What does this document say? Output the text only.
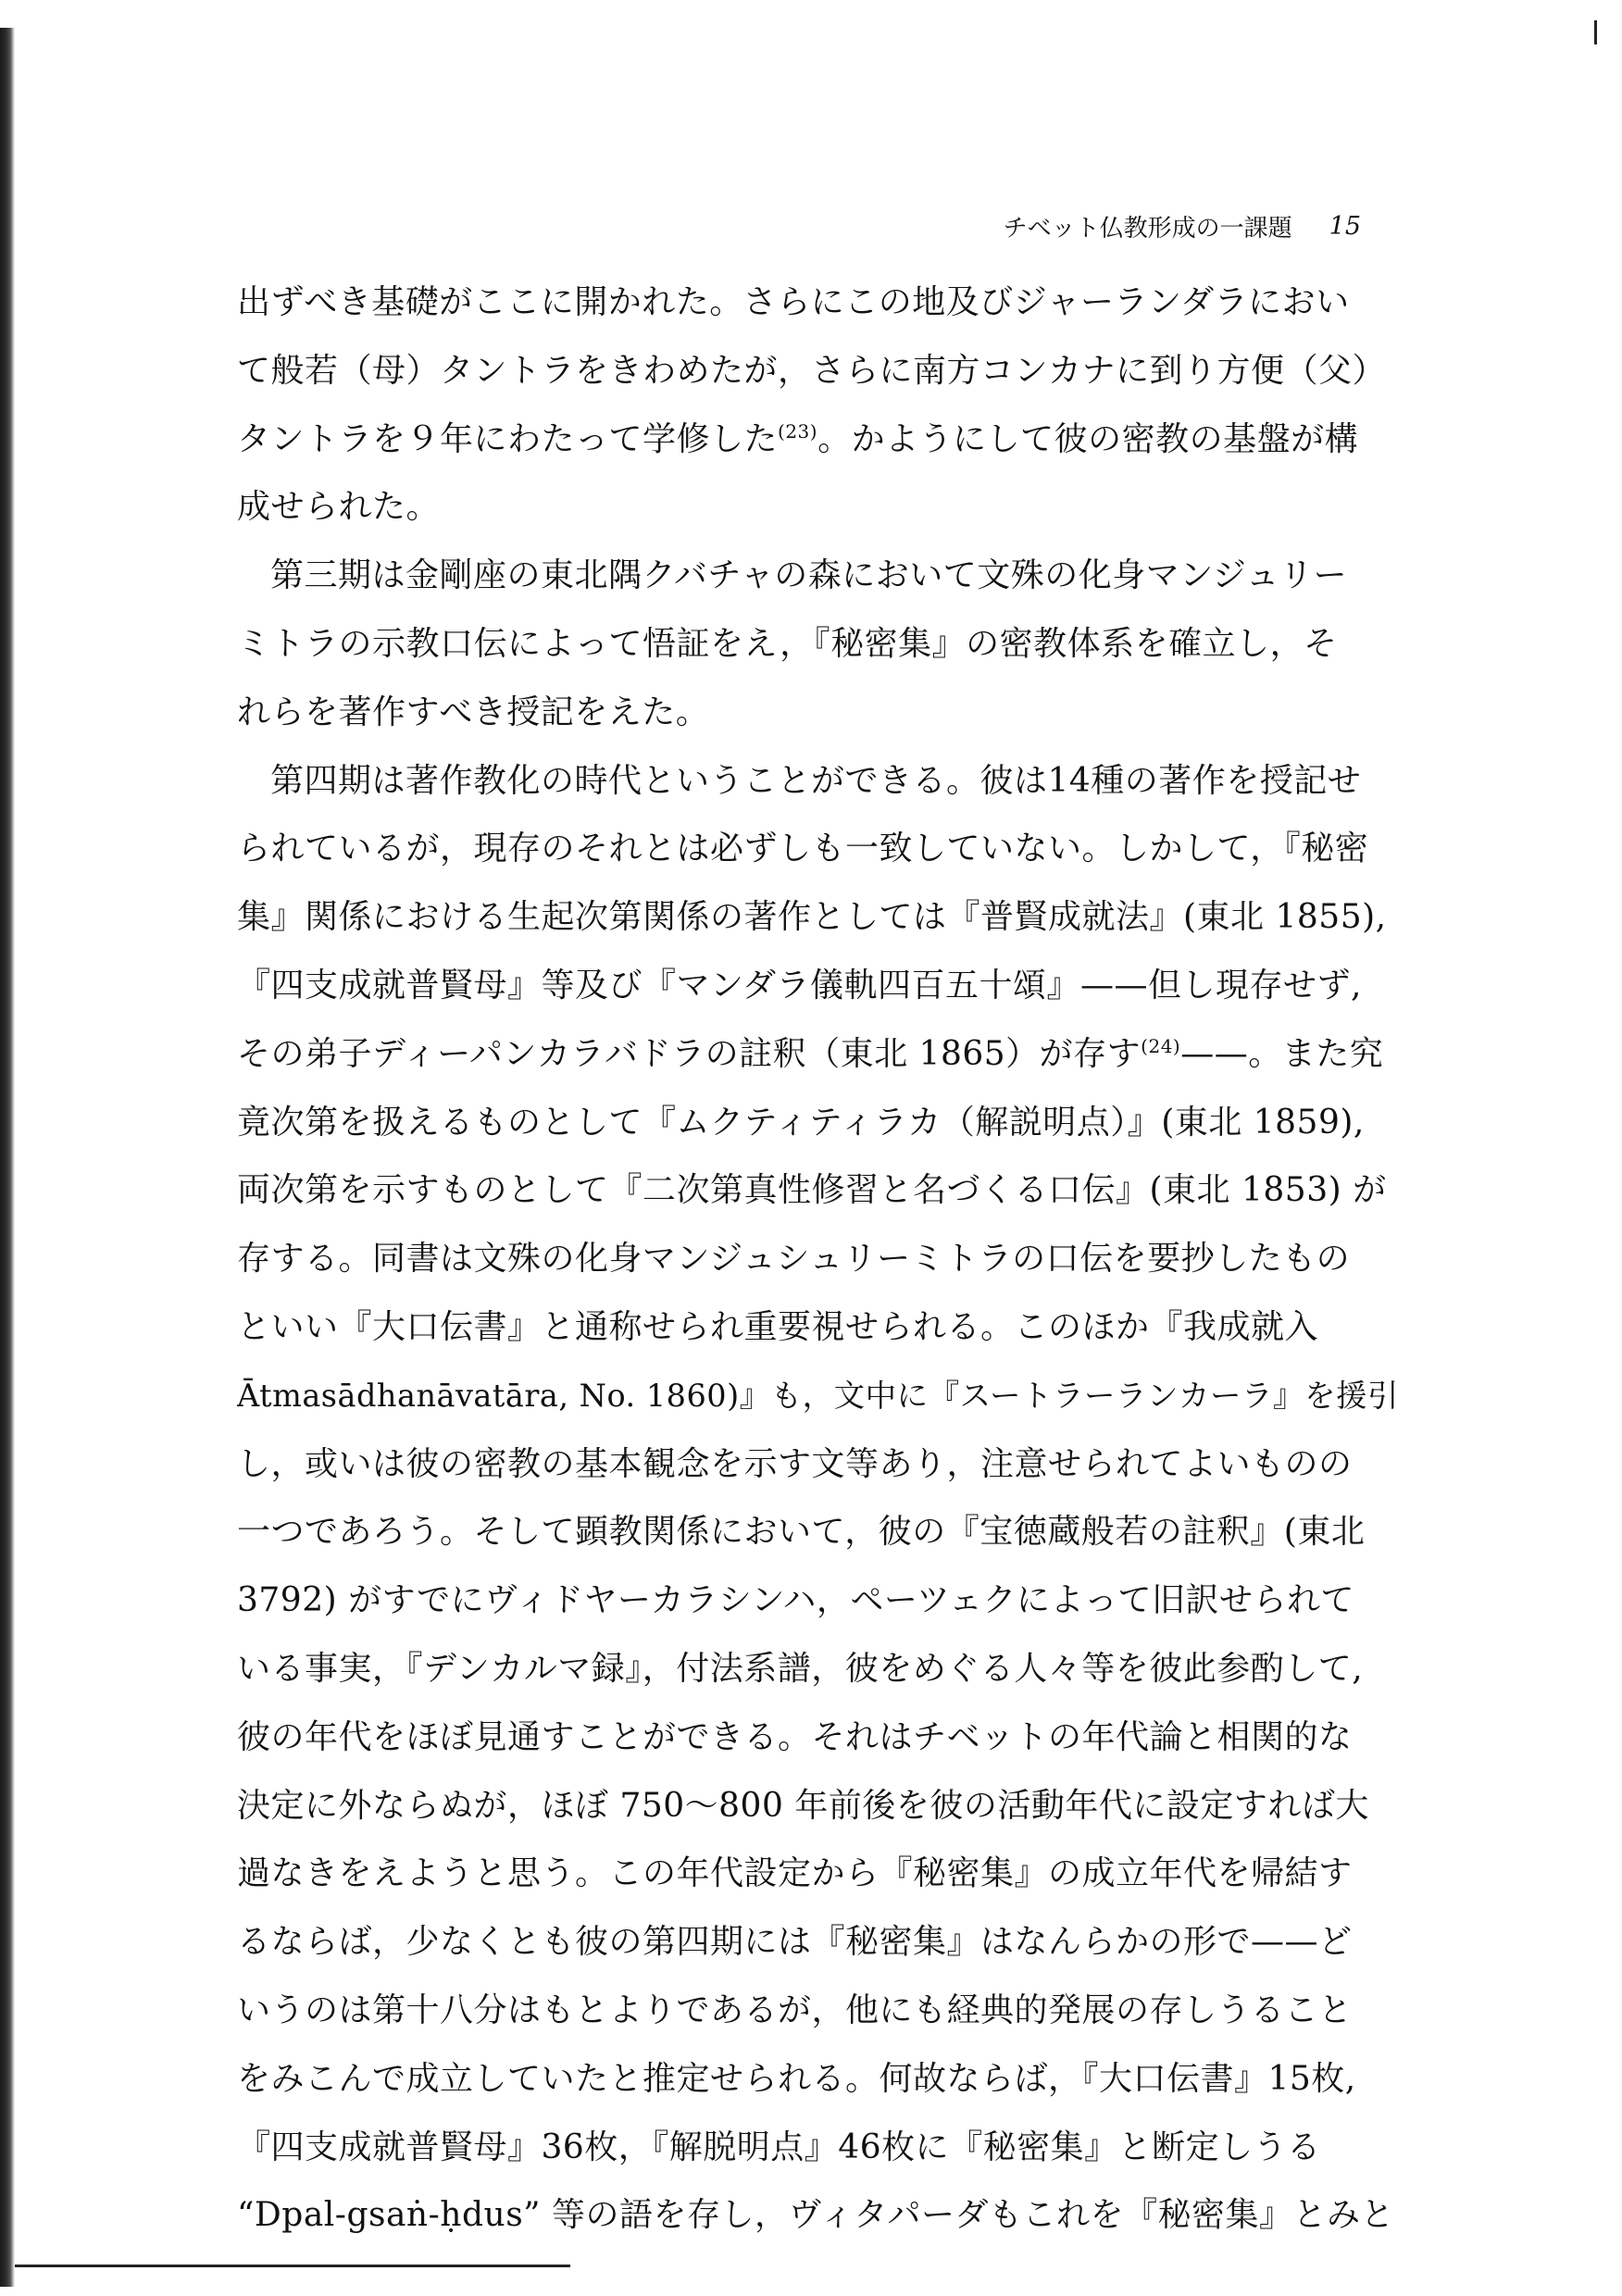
チベット仏教形成の一課題 15
出ずべき基礎がここに開かれた。さらにこの地及びジャーランダラにおい
て般若（母）タントラをきわめたが，さらに南方コンカナに到り方便（父）
タントラを９年にわたって学修した$^{(23)}$。かようにして彼の密教の基盤が構
成せられた。
第三期は金剛座の東北隅クバチャの森において文殊の化身マンジュリー
ミトラの示教口伝によって悟証をえ，『秘密集』の密教体系を確立し，そ
れらを著作すべき授記をえた。
第四期は著作教化の時代ということができる。彼は14種の著作を授記せ
られているが，現存のそれとは必ずしも一致していない。しかして，『秘密
集』関係における生起次第関係の著作としては『普賢成就法』(東北 1855),
『四支成就普賢母』等及び『マンダラ儀軌四百五十頌』——但し現存せず,
その弟子ディーパンカラバドラの註釈（東北 1865）が存す$^{(24)}$——。また究
竟次第を扱えるものとして『ムクティティラカ（解説明点）』(東北 1859),
両次第を示すものとして『二次第真性修習と名づくる口伝』(東北 1853) が
存する。同書は文殊の化身マンジュシュリーミトラの口伝を要抄したもの
といい『大口伝書』と通称せられ重要視せられる。このほか『我成就入
Ātmasādhanāvatāra, No. 1860)』も，文中に『スートラーランカーラ』を援引
し，或いは彼の密教の基本観念を示す文等あり，注意せられてよいものの
一つであろう。そして顕教関係において，彼の『宝徳蔵般若の註釈』(東北
3792) がすでにヴィドヤーカラシンハ，ペーツェクによって旧訳せられて
いる事実，『デンカルマ録』，付法系譜，彼をめぐる人々等を彼此参酌して,
彼の年代をほぼ見通すことができる。それはチベットの年代論と相関的な
決定に外ならぬが，ほぼ 750〜800 年前後を彼の活動年代に設定すれば大
過なきをえようと思う。この年代設定から『秘密集』の成立年代を帰結す
るならば，少なくとも彼の第四期には『秘密集』はなんらかの形で——ど
いうのは第十八分はもとよりであるが，他にも経典的発展の存しうること
をみこんで成立していたと推定せられる。何故ならば，『大口伝書』15枚,
『四支成就普賢母』36枚，『解脱明点』46枚に『秘密集』と断定しうる
“Dpal-gsaṅ-ḥdus” 等の語を存し，ヴィタパーダもこれを『秘密集』とみと
